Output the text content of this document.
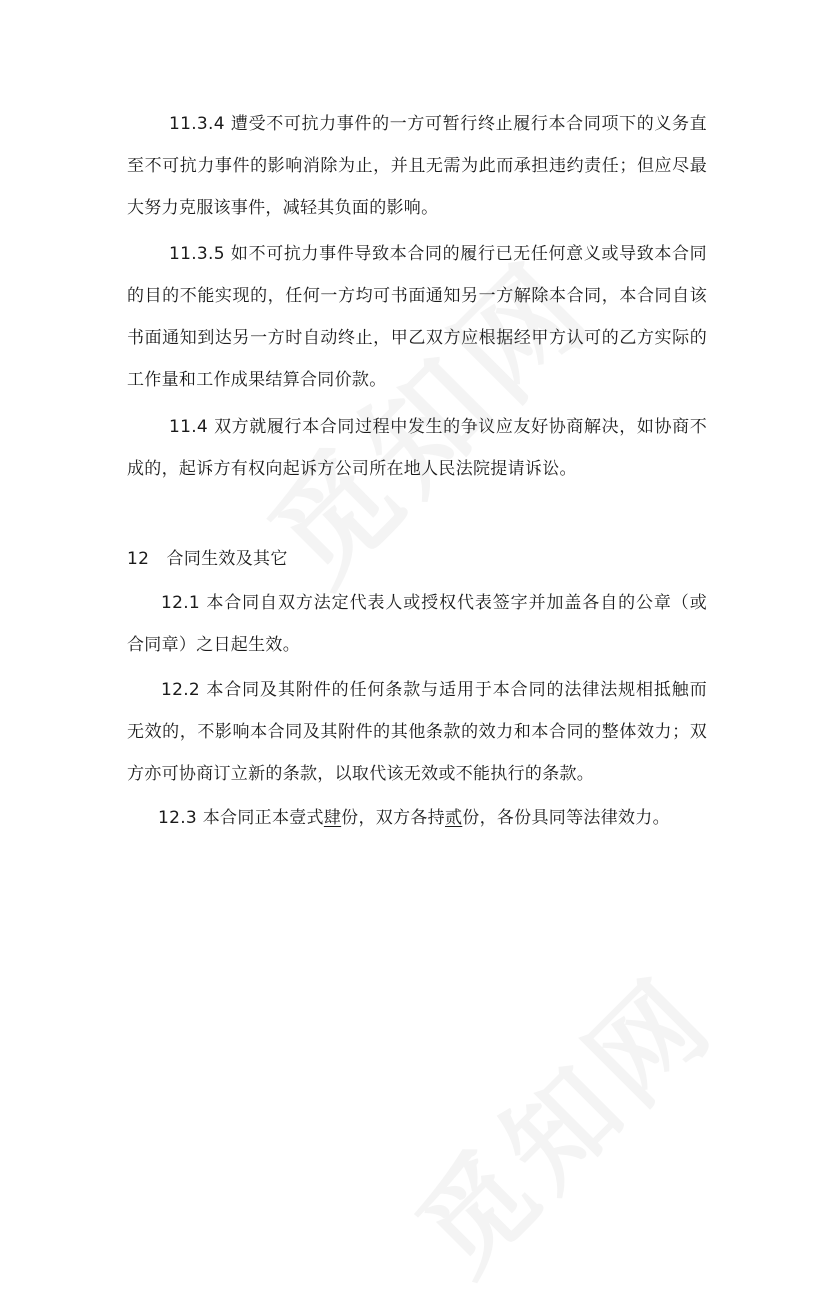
11.3.4 遭受不可抗力事件的一方可暂行终止履行本合同项下的义务直至不可抗力事件的影响消除为止，并且无需为此而承担违约责任；但应尽最大努力克服该事件，减轻其负面的影响。

11.3.5 如不可抗力事件导致本合同的履行已无任何意义或导致本合同的目的不能实现的，任何一方均可书面通知另一方解除本合同，本合同自该书面通知到达另一方时自动终止，甲乙双方应根据经甲方认可的乙方实际的工作量和工作成果结算合同价款。

11.4 双方就履行本合同过程中发生的争议应友好协商解决，如协商不成的，起诉方有权向起诉方公司所在地人民法院提请诉讼。

12　合同生效及其它

12.1 本合同自双方法定代表人或授权代表签字并加盖各自的公章（或合同章）之日起生效。

12.2 本合同及其附件的任何条款与适用于本合同的法律法规相抵触而无效的，不影响本合同及其附件的其他条款的效力和本合同的整体效力；双方亦可协商订立新的条款，以取代该无效或不能执行的条款。

12.3 本合同正本壹式肆份，双方各持贰份，各份具同等法律效力。
